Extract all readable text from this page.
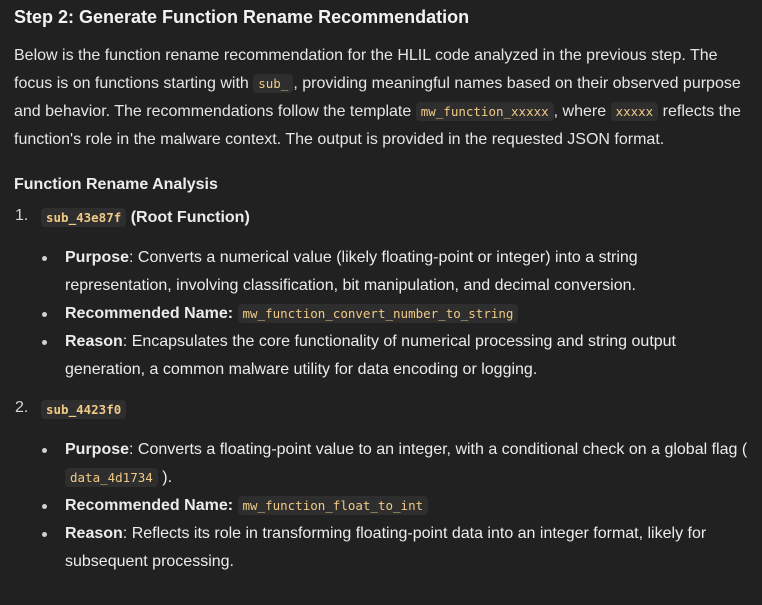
Step 2: Generate Function Rename Recommendation

Below is the function rename recommendation for the HLIL code analyzed in the previous step. The focus is on functions starting with sub_ , providing meaningful names based on their observed purpose and behavior. The recommendations follow the template mw_function_xxxxx , where xxxxx reflects the function's role in the malware context. The output is provided in the requested JSON format.

Function Rename Analysis
1.	sub_43e87f (Root Function)
Purpose: Converts a numerical value (likely floating-point or integer) into a string representation, involving classification, bit manipulation, and decimal conversion.
Recommended Name: mw_function_convert_number_to_string
Reason: Encapsulates the core functionality of numerical processing and string output generation, a common malware utility for data encoding or logging.
2.	sub_4423f0
Purpose: Converts a floating-point value to an integer, with a conditional check on a global flag ( data_4d1734 ).
Recommended Name: mw_function_float_to_int
Reason: Reflects its role in transforming floating-point data into an integer format, likely for subsequent processing.
